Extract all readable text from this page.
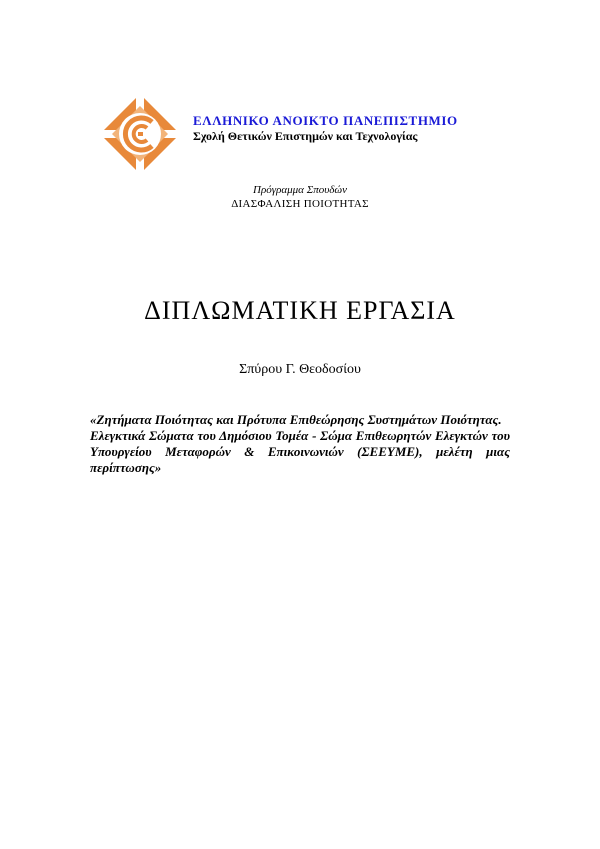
ΕΛΛΗΝΙΚΟ ΑΝΟΙΚΤΟ ΠΑΝΕΠΙΣΤΗΜΙΟ
Σχολή Θετικών Επιστημών και Τεχνολογίας
Πρόγραμμα Σπουδών
ΔΙΑΣΦΑΛΙΣΗ ΠΟΙΟΤΗΤΑΣ
ΔΙΠΛΩΜΑΤΙΚΗ ΕΡΓΑΣΙΑ
Σπύρου Γ. Θεοδοσίου

«Ζητήματα Ποιότητας και Πρότυπα Επιθεώρησης Συστημάτων Ποιότητας.

Ελεγκτικά Σώματα του Δημόσιου Τομέα - Σώμα Επιθεωρητών Ελεγκτών του Υπουργείου Μεταφορών & Επικοινωνιών (ΣΕΕΥΜΕ), μελέτη μιας περίπτωσης»
